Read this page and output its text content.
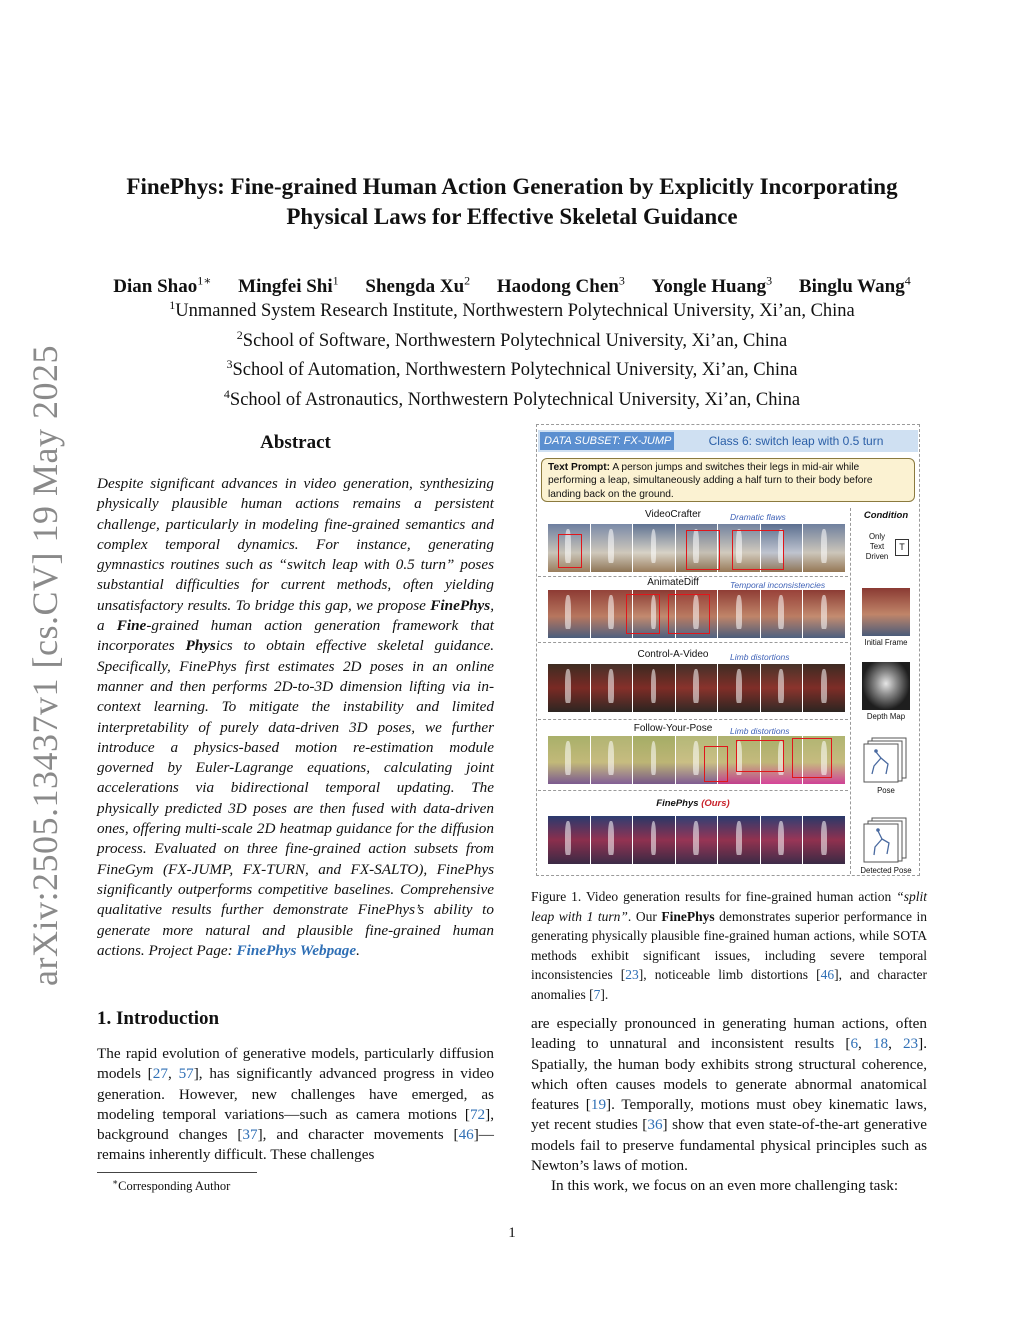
arXiv:2505.13437v1 [cs.CV] 19 May 2025
FinePhys: Fine-grained Human Action Generation by Explicitly Incorporating
Physical Laws for Effective Skeletal Guidance
Dian Shao$^{1∗}$ Mingfei Shi$^1$ Shengda Xu$^2$ Haodong Chen$^3$ Yongle Huang$^3$ Binglu Wang$^4$
$^1$Unmanned System Research Institute, Northwestern Polytechnical University, Xi’an, China
$^2$School of Software, Northwestern Polytechnical University, Xi’an, China
$^3$School of Automation, Northwestern Polytechnical University, Xi’an, China
$^4$School of Astronautics, Northwestern Polytechnical University, Xi’an, China
Abstract

Despite significant advances in video generation, synthesizing physically plausible human actions remains a persistent challenge, particularly in modeling fine-grained semantics and complex temporal dynamics. For instance, generating gymnastics routines such as “switch leap with 0.5 turn” poses substantial difficulties for current methods, often yielding unsatisfactory results. To bridge this gap, we propose FinePhys, a Fine-grained human action generation framework that incorporates Physics to obtain effective skeletal guidance. Specifically, FinePhys first estimates 2D poses in an online manner and then performs 2D-to-3D dimension lifting via in-context learning. To mitigate the instability and limited interpretability of purely data-driven 3D poses, we further introduce a physics-based motion re-estimation module governed by Euler-Lagrange equations, calculating joint accelerations via bidirectional temporal updating. The physically predicted 3D poses are then fused with data-driven ones, offering multi-scale 2D heatmap guidance for the diffusion process. Evaluated on three fine-grained action subsets from FineGym (FX-JUMP, FX-TURN, and FX-SALTO), FinePhys significantly outperforms competitive baselines. Comprehensive qualitative results further demonstrate FinePhys’s ability to generate more natural and plausible fine-grained human actions. Project Page: FinePhys Webpage.

DATA SUBSET: FX-JUMP	Class 6: switch leap with 0.5 turn
Text Prompt: A person jumps and switches their legs in mid-air while performing a leap, simultaneously adding a half turn to their body before landing back on the ground.
Condition
VideoCrafter	Dramatic flaws
AnimateDiff	Temporal inconsistencies
Control-A-Video	Limb distortions
Follow-Your-Pose	Limb distortions
FinePhys (Ours)
Only Text Driven
T
Initial Frame
Depth Map
Pose
Detected Pose

Figure 1. Video generation results for fine-grained human action “split leap with 1 turn”. Our FinePhys demonstrates superior performance in generating physically plausible fine-grained human actions, while SOTA methods exhibit significant issues, including severe temporal inconsistencies [23], noticeable limb distortions [46], and character anomalies [7].

1. Introduction

The rapid evolution of generative models, particularly diffusion models [27, 57], has significantly advanced progress in video generation. However, new challenges have emerged, as modeling temporal variations—such as camera motions [72], background changes [37], and character movements [46]—remains inherently difficult. These challenges

are especially pronounced in generating human actions, often leading to unnatural and inconsistent results [6, 18, 23]. Spatially, the human body exhibits strong structural coherence, which often causes models to generate abnormal anatomical features [19]. Temporally, motions must obey kinematic laws, yet recent studies [36] show that even state-of-the-art generative models fail to preserve fundamental physical principles such as Newton’s laws of motion.

In this work, we focus on an even more challenging task:

∗Corresponding Author
1
